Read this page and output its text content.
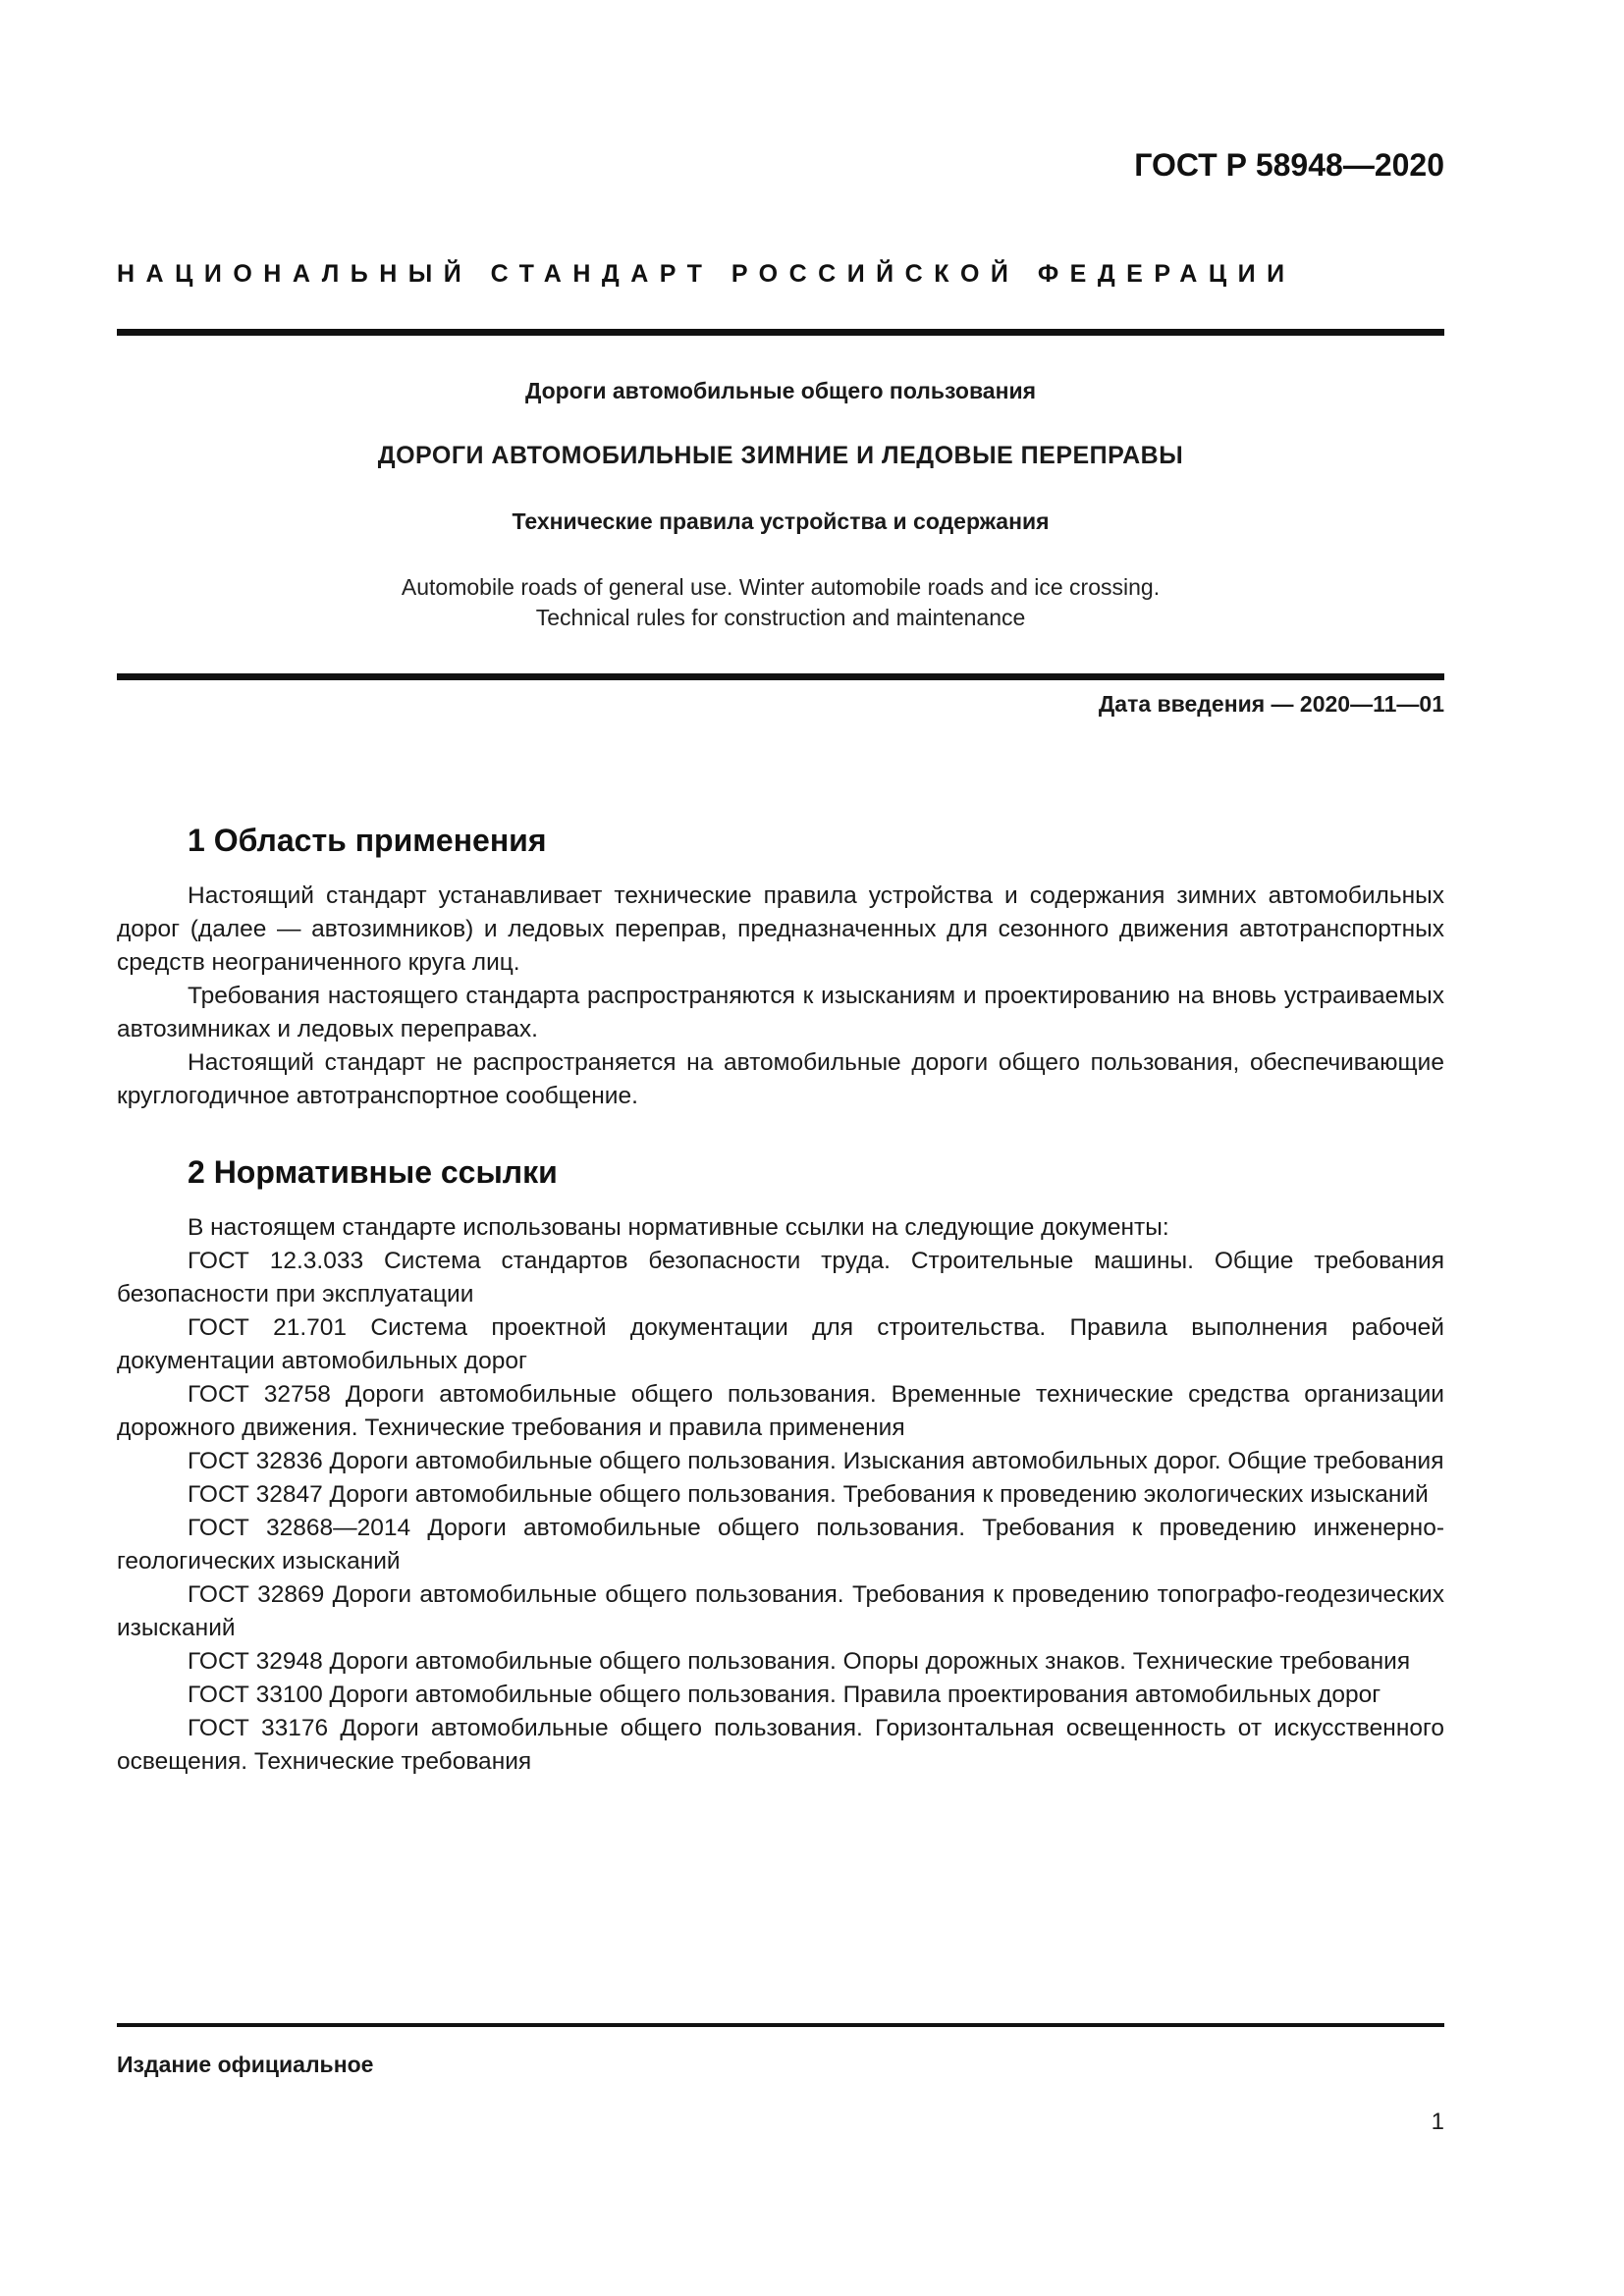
ГОСТ Р 58948—2020
НАЦИОНАЛЬНЫЙ СТАНДАРТ РОССИЙСКОЙ ФЕДЕРАЦИИ
Дороги автомобильные общего пользования
ДОРОГИ АВТОМОБИЛЬНЫЕ ЗИМНИЕ И ЛЕДОВЫЕ ПЕРЕПРАВЫ
Технические правила устройства и содержания
Automobile roads of general use. Winter automobile roads and ice crossing.
Technical rules for construction and maintenance
Дата введения — 2020—11—01
1 Область применения

Настоящий стандарт устанавливает технические правила устройства и содержания зимних автомобильных дорог (далее — автозимников) и ледовых переправ, предназначенных для сезонного движения автотранспортных средств неограниченного круга лиц.

Требования настоящего стандарта распространяются к изысканиям и проектированию на вновь устраиваемых автозимниках и ледовых переправах.

Настоящий стандарт не распространяется на автомобильные дороги общего пользования, обеспечивающие круглогодичное автотранспортное сообщение.

2 Нормативные ссылки

В настоящем стандарте использованы нормативные ссылки на следующие документы:

ГОСТ 12.3.033 Система стандартов безопасности труда. Строительные машины. Общие требования безопасности при эксплуатации

ГОСТ 21.701 Система проектной документации для строительства. Правила выполнения рабочей документации автомобильных дорог

ГОСТ 32758 Дороги автомобильные общего пользования. Временные технические средства организации дорожного движения. Технические требования и правила применения

ГОСТ 32836 Дороги автомобильные общего пользования. Изыскания автомобильных дорог. Общие требования

ГОСТ 32847 Дороги автомобильные общего пользования. Требования к проведению экологических изысканий

ГОСТ 32868—2014 Дороги автомобильные общего пользования. Требования к проведению инженерно-геологических изысканий

ГОСТ 32869 Дороги автомобильные общего пользования. Требования к проведению топографо-геодезических изысканий

ГОСТ 32948 Дороги автомобильные общего пользования. Опоры дорожных знаков. Технические требования

ГОСТ 33100 Дороги автомобильные общего пользования. Правила проектирования автомобильных дорог

ГОСТ 33176 Дороги автомобильные общего пользования. Горизонтальная освещенность от искусственного освещения. Технические требования

Издание официальное
1
